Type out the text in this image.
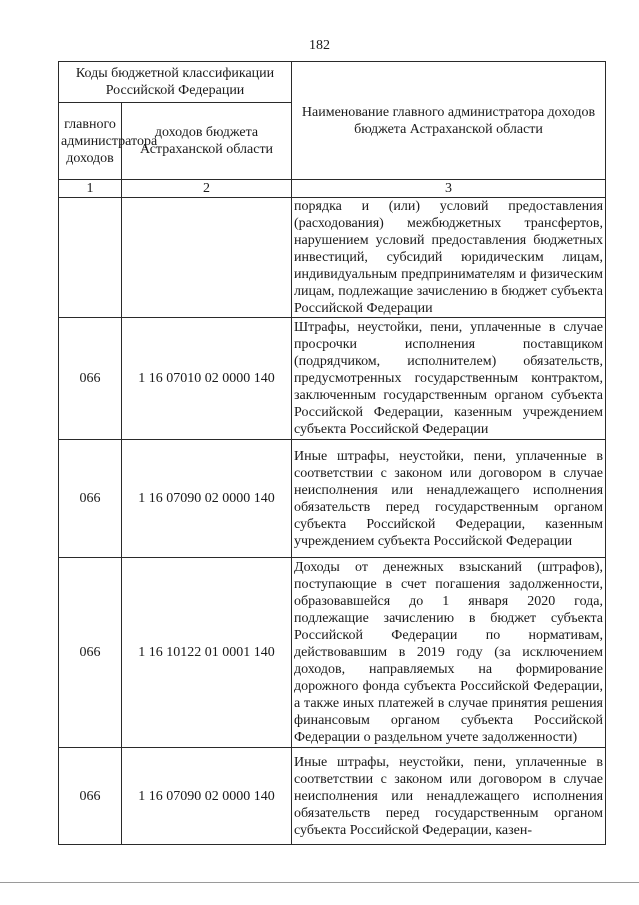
182
Коды бюджетной классификации Российской Федерации		Наименование главного администратора доходов бюджета Астраханской области
главного администратора доходов	доходов бюджета Астраханской области	
1	2	3
		порядка и (или) условий предоставления (расходования) межбюджетных трансфертов, нарушением условий предоставления бюджетных инвестиций, субсидий юридическим лицам, индивидуальным предпринимателям и физическим лицам, подлежащие зачислению в бюджет субъекта Российской Федерации
066	1 16 07010 02 0000 140	Штрафы, неустойки, пени, уплаченные в случае просрочки исполнения поставщиком (подрядчиком, исполнителем) обязательств, предусмотренных государственным контрактом, заключенным государственным органом субъекта Российской Федерации, казенным учреждением субъекта Российской Федерации
066	1 16 07090 02 0000 140	Иные штрафы, неустойки, пени, уплаченные в соответствии с законом или договором в случае неисполнения или ненадлежащего исполнения обязательств перед государственным органом субъекта Российской Федерации, казенным учреждением субъекта Российской Федерации
066	1 16 10122 01 0001 140	Доходы от денежных взысканий (штрафов), поступающие в счет погашения задолженности, образовавшейся до 1 января 2020 года, подлежащие зачислению в бюджет субъекта Российской Федерации по нормативам, действовавшим в 2019 году (за исключением доходов, направляемых на формирование дорожного фонда субъекта Российской Федерации, а также иных платежей в случае принятия решения финансовым органом субъекта Российской Федерации о раздельном учете задолженности)
066	1 16 07090 02 0000 140	Иные штрафы, неустойки, пени, уплаченные в соответствии с законом или договором в случае неисполнения или ненадлежащего исполнения обязательств перед государственным органом субъекта Российской Федерации, казен-
